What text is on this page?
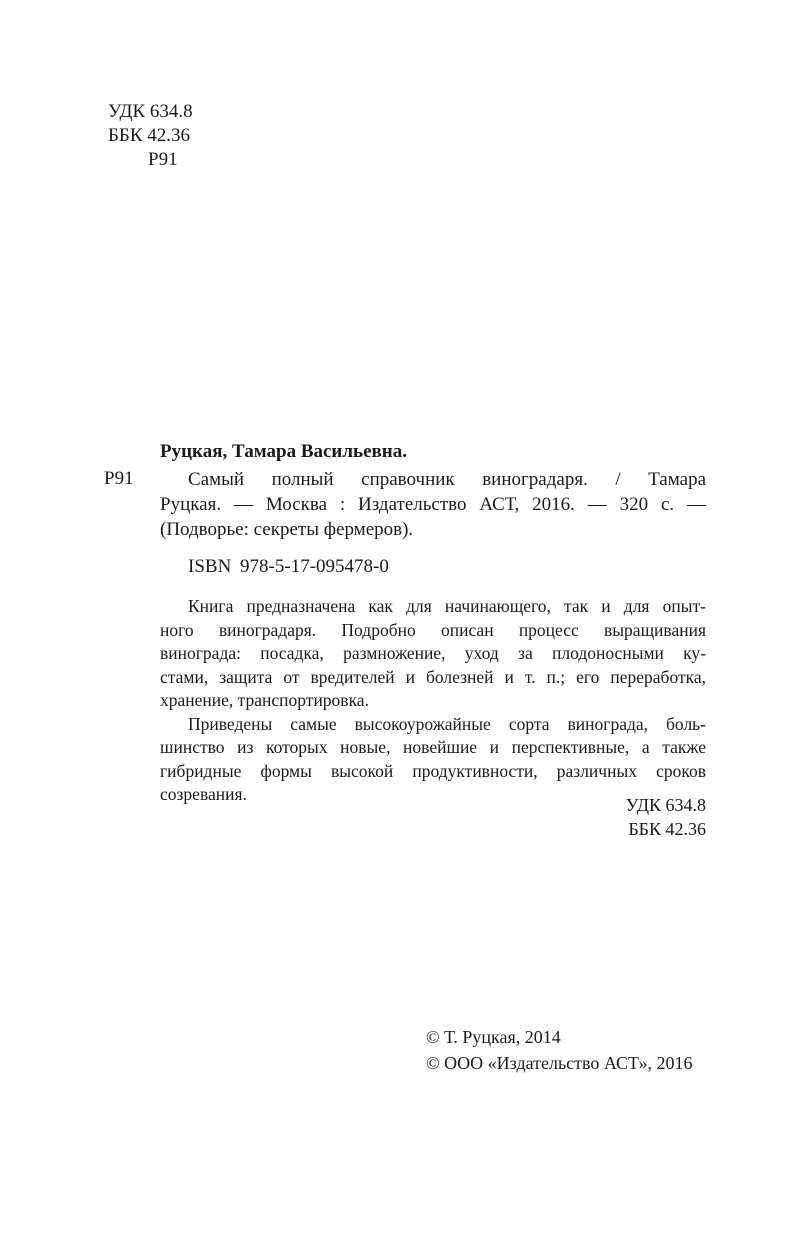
УДК 634.8
ББК 42.36
Р91
Руцкая, Тамара Васильевна.
Р91	Самый полный справочник виноградаря. / Тамара
Руцкая. — Москва : Издательство АСТ, 2016. — 320 с. —
(Подворье: секреты фермеров).
ISBN 978-5-17-095478-0
Книга предназначена как для начинающего, так и для опыт-
ного виноградаря. Подробно описан процесс выращивания
винограда: посадка, размножение, уход за плодоносными ку-
стами, защита от вредителей и болезней и т. п.; его переработка,
хранение, транспортировка.
Приведены самые высокоурожайные сорта винограда, боль-
шинство из которых новые, новейшие и перспективные, а также
гибридные формы высокой продуктивности, различных сроков
созревания.
УДК 634.8
ББК 42.36
© Т. Руцкая, 2014
© ООО «Издательство АСТ», 2016
